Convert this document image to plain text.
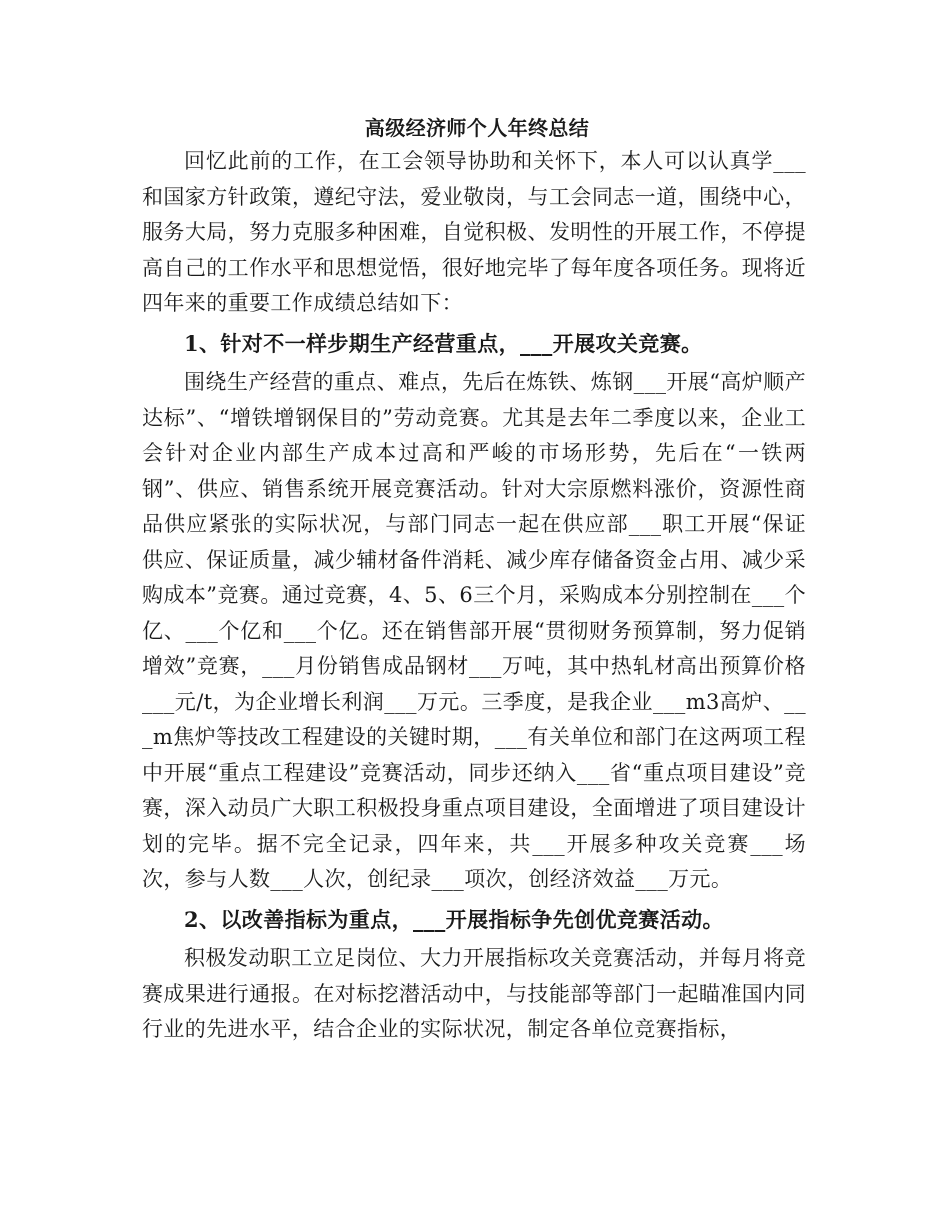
高级经济师个人年终总结

回忆此前的工作，在工会领导协助和关怀下，本人可以认真学___和国家方针政策，遵纪守法，爱业敬岗，与工会同志一道，围绕中心，服务大局，努力克服多种困难，自觉积极、发明性的开展工作，不停提高自己的工作水平和思想觉悟，很好地完毕了每年度各项任务。现将近四年来的重要工作成绩总结如下：

1、针对不一样步期生产经营重点，___开展攻关竞赛。

围绕生产经营的重点、难点，先后在炼铁、炼钢___开展“高炉顺产达标”、“增铁增钢保目的”劳动竞赛。尤其是去年二季度以来，企业工会针对企业内部生产成本过高和严峻的市场形势，先后在“一铁两钢”、供应、销售系统开展竞赛活动。针对大宗原燃料涨价，资源性商品供应紧张的实际状况，与部门同志一起在供应部___职工开展“保证供应、保证质量，减少辅材备件消耗、减少库存储备资金占用、减少采购成本”竞赛。通过竞赛，4、5、6三个月，采购成本分别控制在___个亿、___个亿和___个亿。还在销售部开展“贯彻财务预算制，努力促销增效”竞赛，___月份销售成品钢材___万吨，其中热轧材高出预算价格___元/t，为企业增长利润___万元。三季度，是我企业___m3高炉、___m焦炉等技改工程建设的关键时期，___有关单位和部门在这两项工程中开展“重点工程建设”竞赛活动，同步还纳入___省“重点项目建设”竞赛，深入动员广大职工积极投身重点项目建设，全面增进了项目建设计划的完毕。据不完全记录，四年来，共___开展多种攻关竞赛___场次，参与人数___人次，创纪录___项次，创经济效益___万元。

2、以改善指标为重点，___开展指标争先创优竞赛活动。

积极发动职工立足岗位、大力开展指标攻关竞赛活动，并每月将竞赛成果进行通报。在对标挖潜活动中，与技能部等部门一起瞄准国内同行业的先进水平，结合企业的实际状况，制定各单位竞赛指标，
